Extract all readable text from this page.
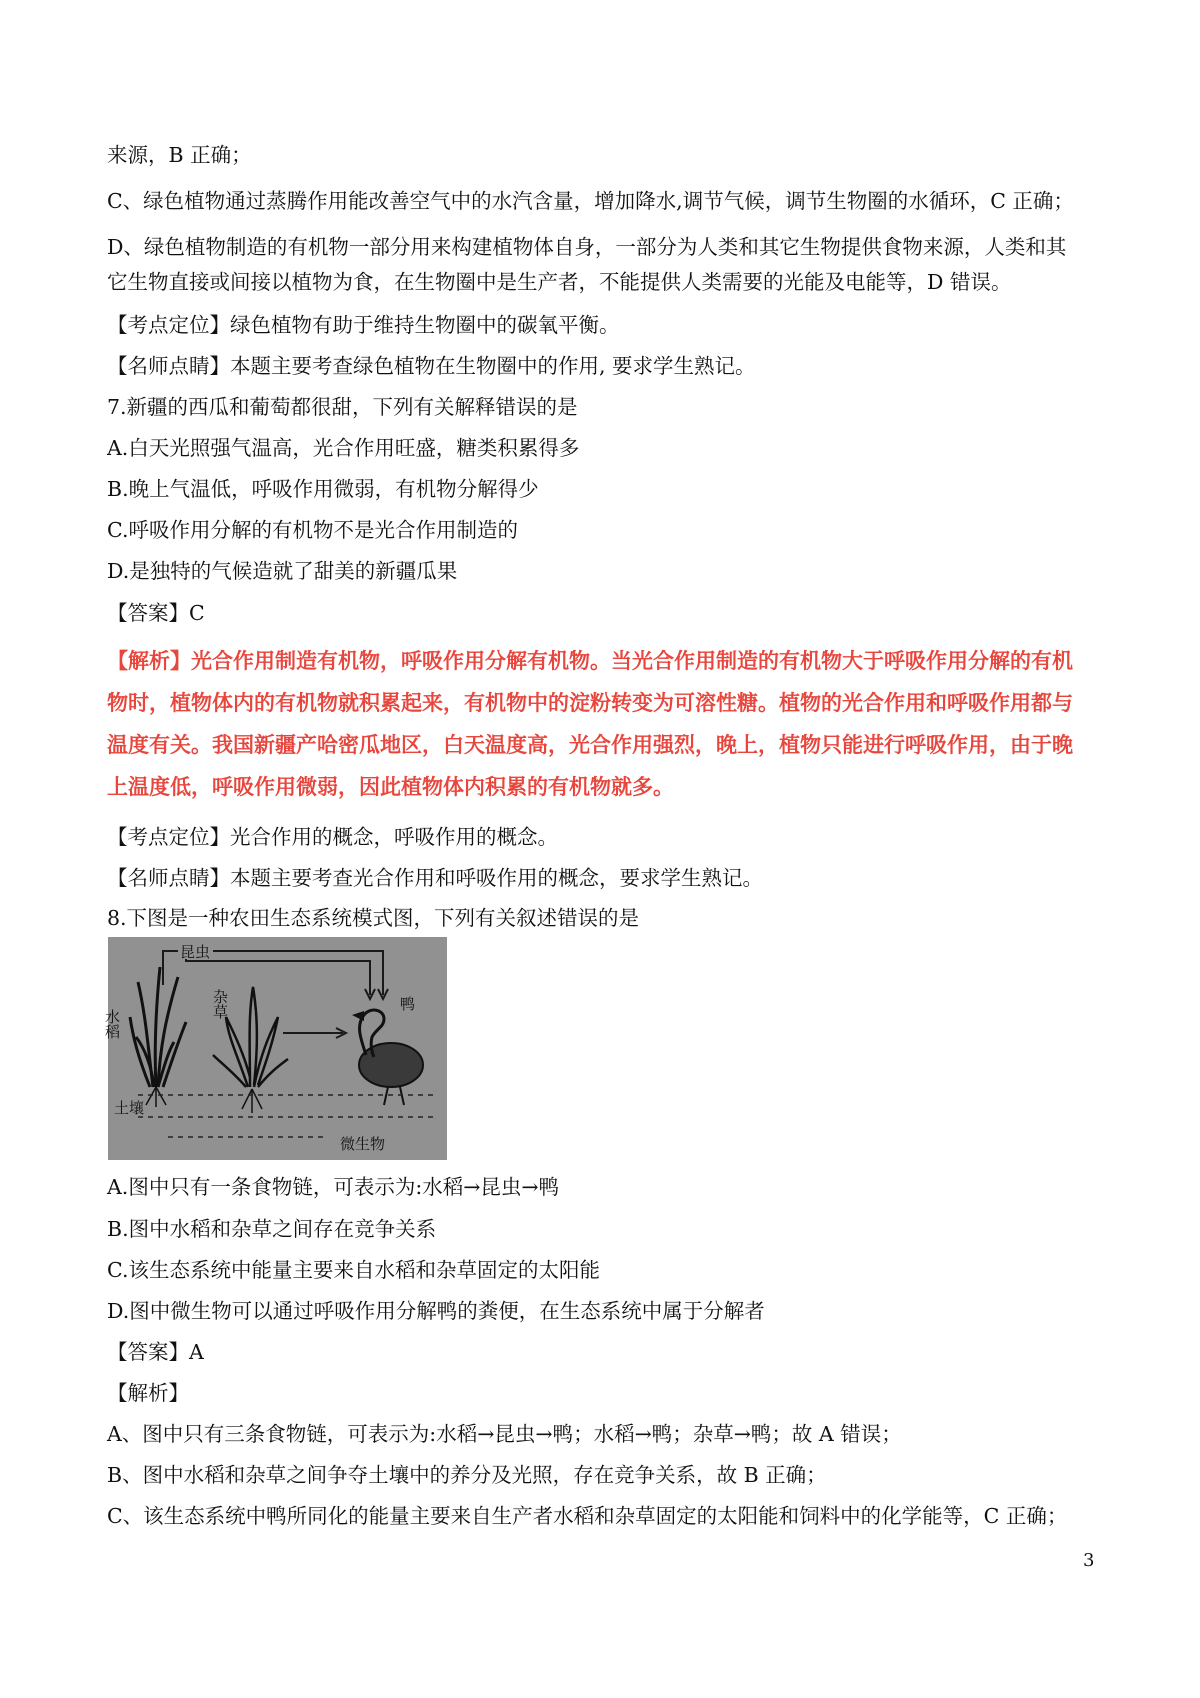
来源，B 正确；
C、绿色植物通过蒸腾作用能改善空气中的水汽含量，增加降水,调节气候，调节生物圈的水循环，C 正确；
D、绿色植物制造的有机物一部分用来构建植物体自身，一部分为人类和其它生物提供食物来源，人类和其
它生物直接或间接以植物为食，在生物圈中是生产者，不能提供人类需要的光能及电能等，D 错误。
【考点定位】绿色植物有助于维持生物圈中的碳氧平衡。
【名师点睛】本题主要考查绿色植物在生物圈中的作用, 要求学生熟记。
7.新疆的西瓜和葡萄都很甜，下列有关解释错误的是
A.白天光照强气温高，光合作用旺盛，糖类积累得多
B.晚上气温低，呼吸作用微弱，有机物分解得少
C.呼吸作用分解的有机物不是光合作用制造的
D.是独特的气候造就了甜美的新疆瓜果
【答案】C
【解析】光合作用制造有机物，呼吸作用分解有机物。当光合作用制造的有机物大于呼吸作用分解的有机
物时，植物体内的有机物就积累起来，有机物中的淀粉转变为可溶性糖。植物的光合作用和呼吸作用都与
温度有关。我国新疆产哈密瓜地区，白天温度高，光合作用强烈，晚上，植物只能进行呼吸作用，由于晚
上温度低，呼吸作用微弱，因此植物体内积累的有机物就多。
【考点定位】光合作用的概念，呼吸作用的概念。
【名师点睛】本题主要考查光合作用和呼吸作用的概念，要求学生熟记。
8.下图是一种农田生态系统模式图，下列有关叙述错误的是
昆虫
水稻
杂草	鸭
土壤
微生物
A.图中只有一条食物链，可表示为:水稻→昆虫→鸭
B.图中水稻和杂草之间存在竞争关系
C.该生态系统中能量主要来自水稻和杂草固定的太阳能
D.图中微生物可以通过呼吸作用分解鸭的粪便，在生态系统中属于分解者
【答案】A
【解析】
A、图中只有三条食物链，可表示为:水稻→昆虫→鸭；水稻→鸭；杂草→鸭；故 A 错误；
B、图中水稻和杂草之间争夺土壤中的养分及光照，存在竞争关系，故 B 正确；
C、该生态系统中鸭所同化的能量主要来自生产者水稻和杂草固定的太阳能和饲料中的化学能等，C 正确；
3
